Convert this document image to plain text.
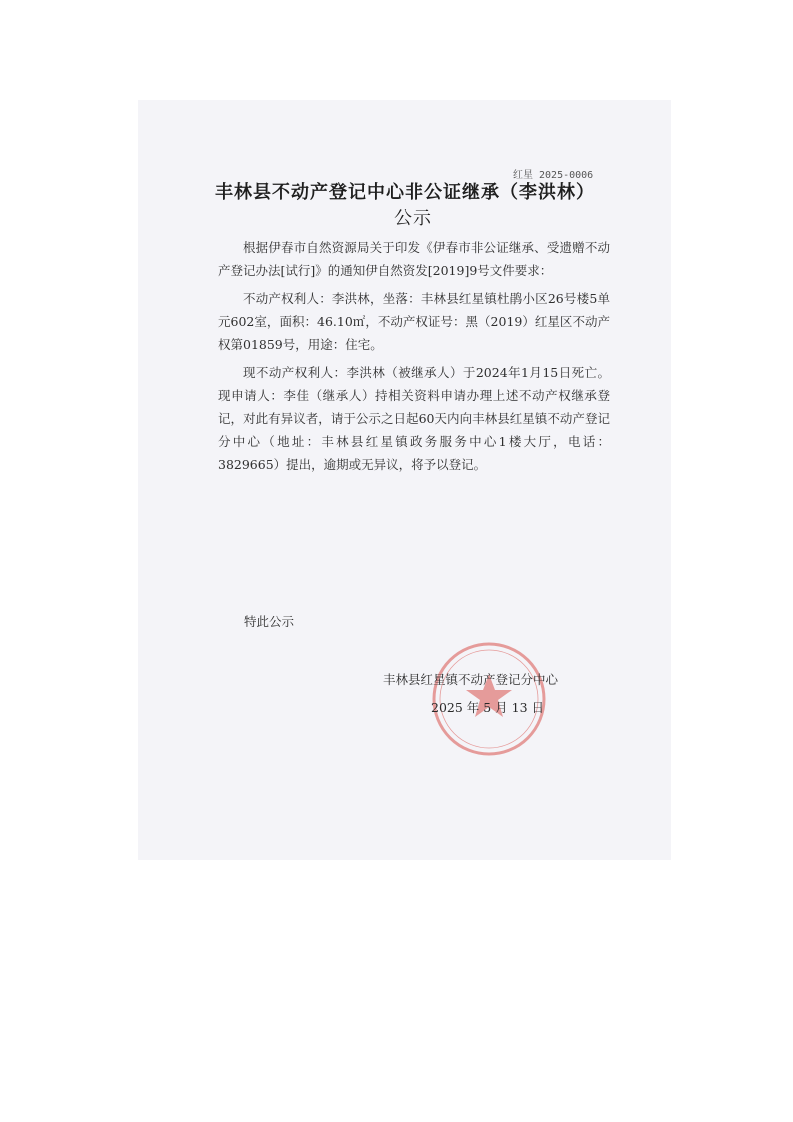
红星 2025-0006
丰林县不动产登记中心非公证继承（李洪林）
公示

根据伊春市自然资源局关于印发《伊春市非公证继承、受遗赠不动产登记办法[试行]》的通知伊自然资发[2019]9号文件要求：

不动产权利人：李洪林，坐落：丰林县红星镇杜鹃小区26号楼5单元602室，面积：46.10㎡，不动产权证号：黑（2019）红星区不动产权第01859号，用途：住宅。

现不动产权利人：李洪林（被继承人）于2024年1月15日死亡。现申请人：李佳（继承人）持相关资料申请办理上述不动产权继承登记，对此有异议者，请于公示之日起60天内向丰林县红星镇不动产登记分中心（地址：丰林县红星镇政务服务中心1楼大厅，电话：3829665）提出，逾期或无异议，将予以登记。

特此公示
丰林县红星镇不动产登记分中心
2025 年 5 月 13 日
